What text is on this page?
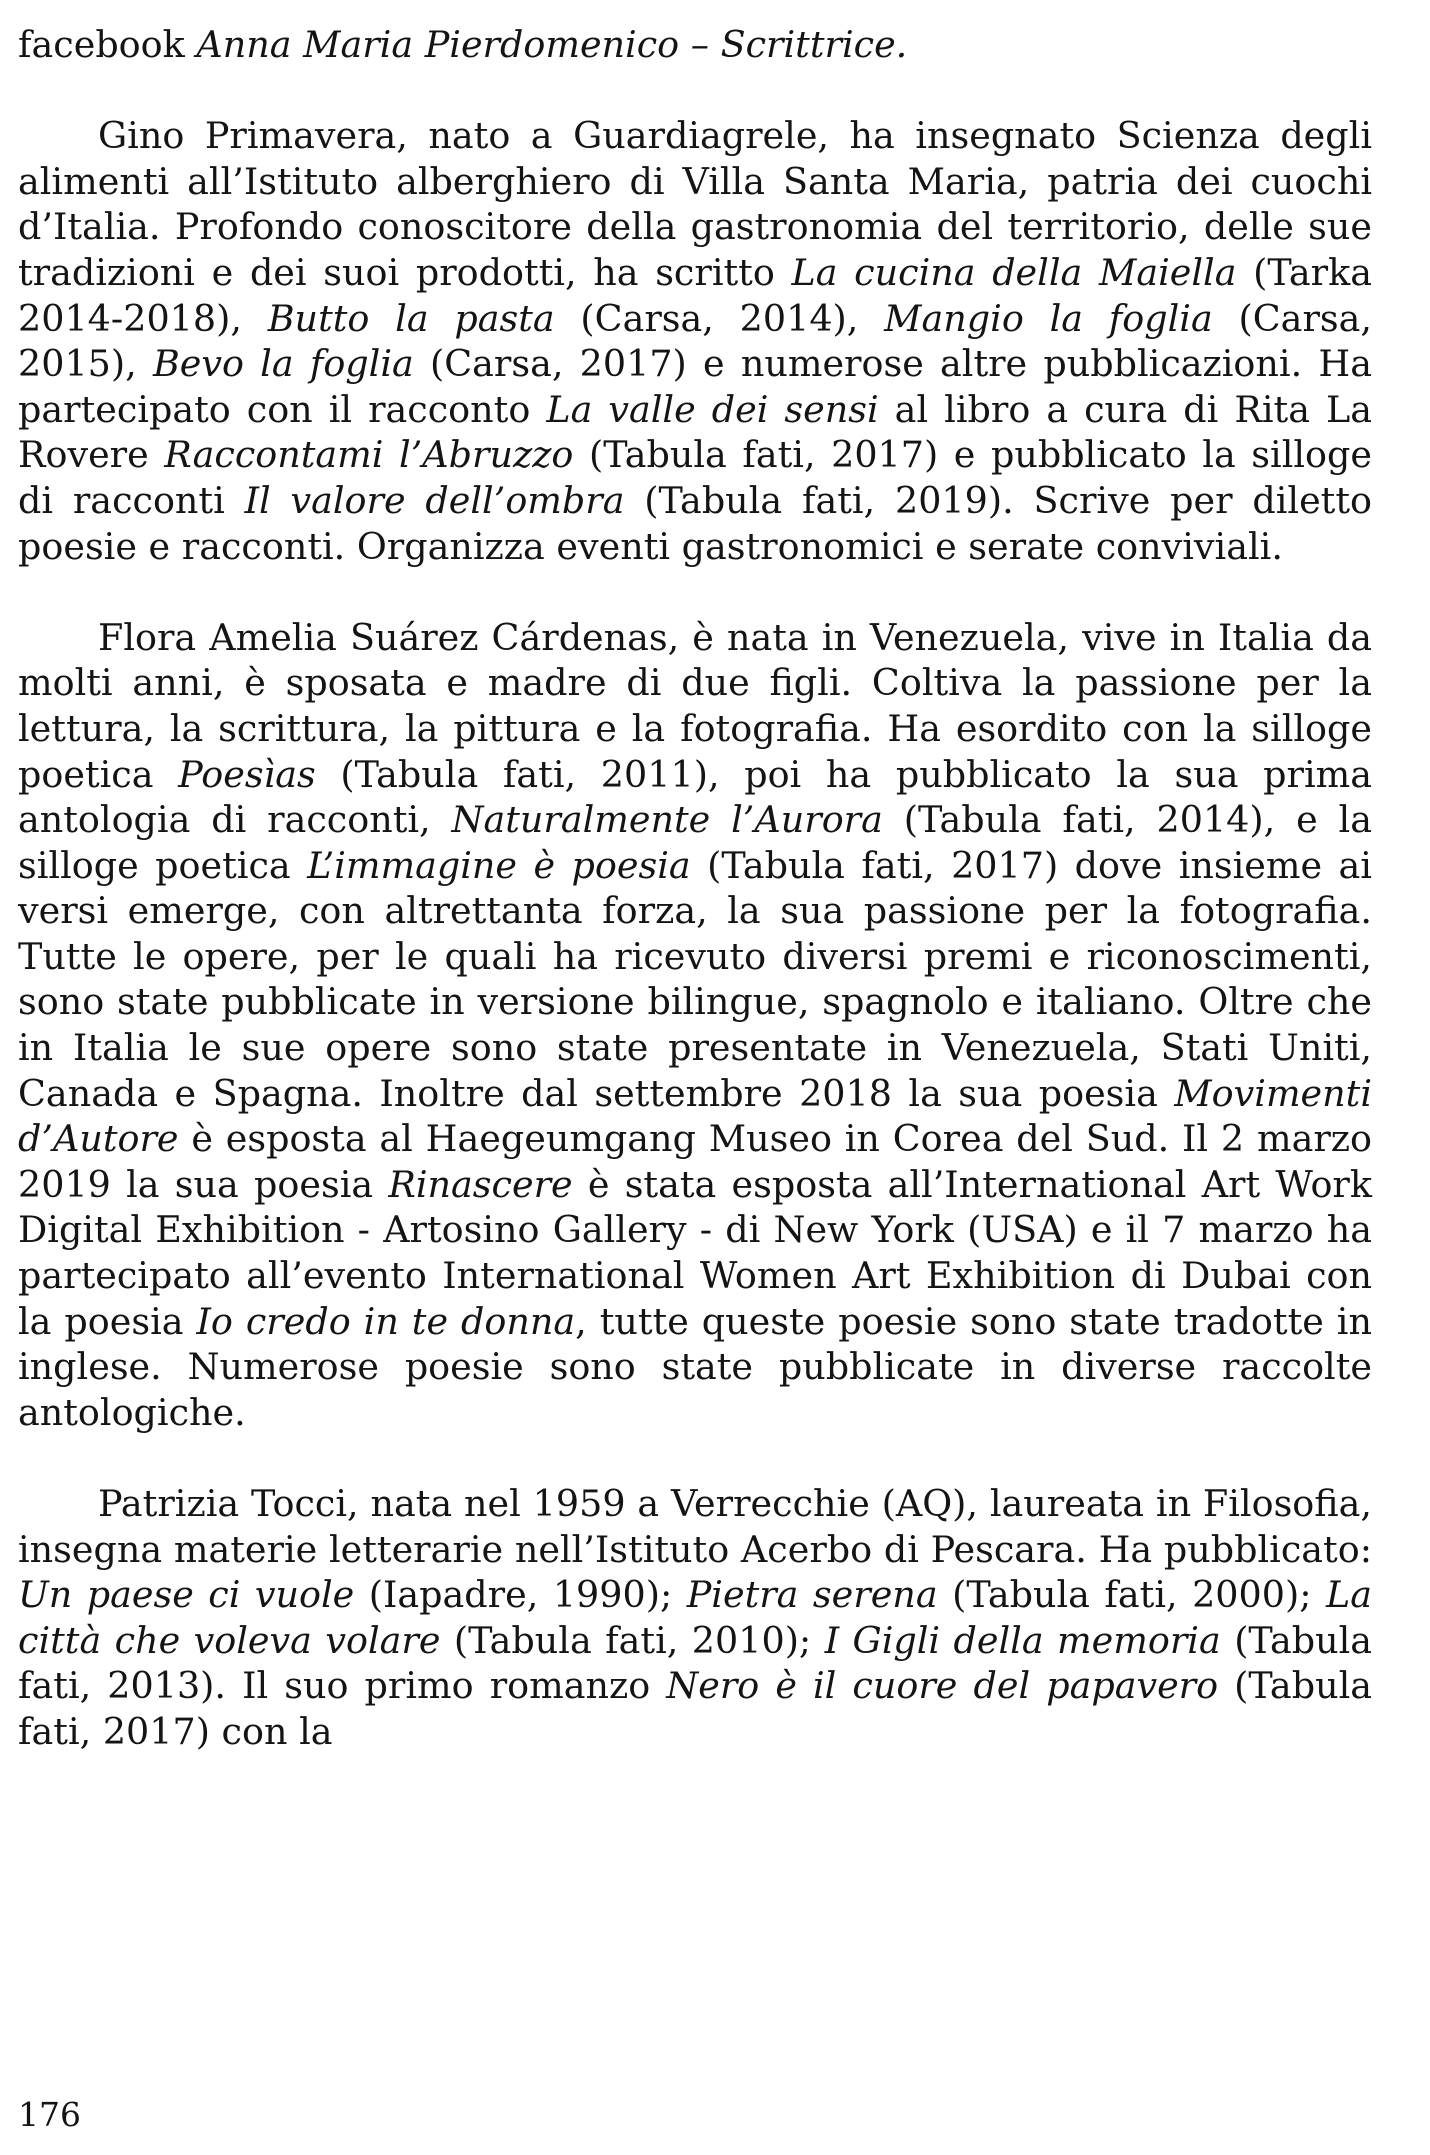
facebook Anna Maria Pierdomenico – Scrittrice.

Gino Primavera, nato a Guardiagrele, ha insegnato Scienza degli alimenti all’Istituto alberghiero di Villa Santa Maria, patria dei cuochi d’Italia. Profondo conoscitore della gastronomia del territorio, delle sue tradizioni e dei suoi prodotti, ha scritto La cucina della Maiella (Tarka 2014-2018), Butto la pasta (Carsa, 2014), Mangio la foglia (Carsa, 2015), Bevo la foglia (Carsa, 2017) e numerose altre pubblicazioni. Ha partecipato con il racconto La valle dei sensi al libro a cura di Rita La Rovere Raccontami l’Abruzzo (Tabula fati, 2017) e pubblicato la silloge di racconti Il valore dell’ombra (Tabula fati, 2019). Scrive per diletto poesie e racconti. Organizza eventi gastronomici e serate conviviali.

Flora Amelia Suárez Cárdenas, è nata in Venezuela, vive in Italia da molti anni, è sposata e madre di due figli. Coltiva la passione per la lettura, la scrittura, la pittura e la fotografia. Ha esordito con la silloge poetica Poesìas (Tabula fati, 2011), poi ha pubblicato la sua prima antologia di racconti, Naturalmente l’Aurora (Tabula fati, 2014), e la silloge poetica L’immagine è poesia (Tabula fati, 2017) dove insieme ai versi emerge, con altrettanta forza, la sua passione per la fotografia. Tutte le opere, per le quali ha ricevuto diversi premi e riconoscimenti, sono state pubblicate in versione bilingue, spagnolo e italiano. Oltre che in Italia le sue opere sono state presentate in Venezuela, Stati Uniti, Canada e Spagna. Inoltre dal settembre 2018 la sua poesia Movimenti d’Autore è esposta al Haegeumgang Museo in Corea del Sud. Il 2 marzo 2019 la sua poesia Rinascere è stata esposta all’International Art Work Digital Exhibition - Artosino Gallery - di New York (USA) e il 7 marzo ha partecipato all’evento International Women Art Exhibition di Dubai con la poesia Io credo in te donna, tutte queste poesie sono state tradotte in inglese. Numerose poesie sono state pubblicate in diverse raccolte antologiche.

Patrizia Tocci, nata nel 1959 a Verrecchie (AQ), laureata in Filosofia, insegna materie letterarie nell’Istituto Acerbo di Pescara. Ha pubblicato: Un paese ci vuole (Iapadre, 1990); Pietra serena (Tabula fati, 2000); La città che voleva volare (Tabula fati, 2010); I Gigli della memoria (Tabula fati, 2013). Il suo primo romanzo Nero è il cuore del papavero (Tabula fati, 2017) con la

176
